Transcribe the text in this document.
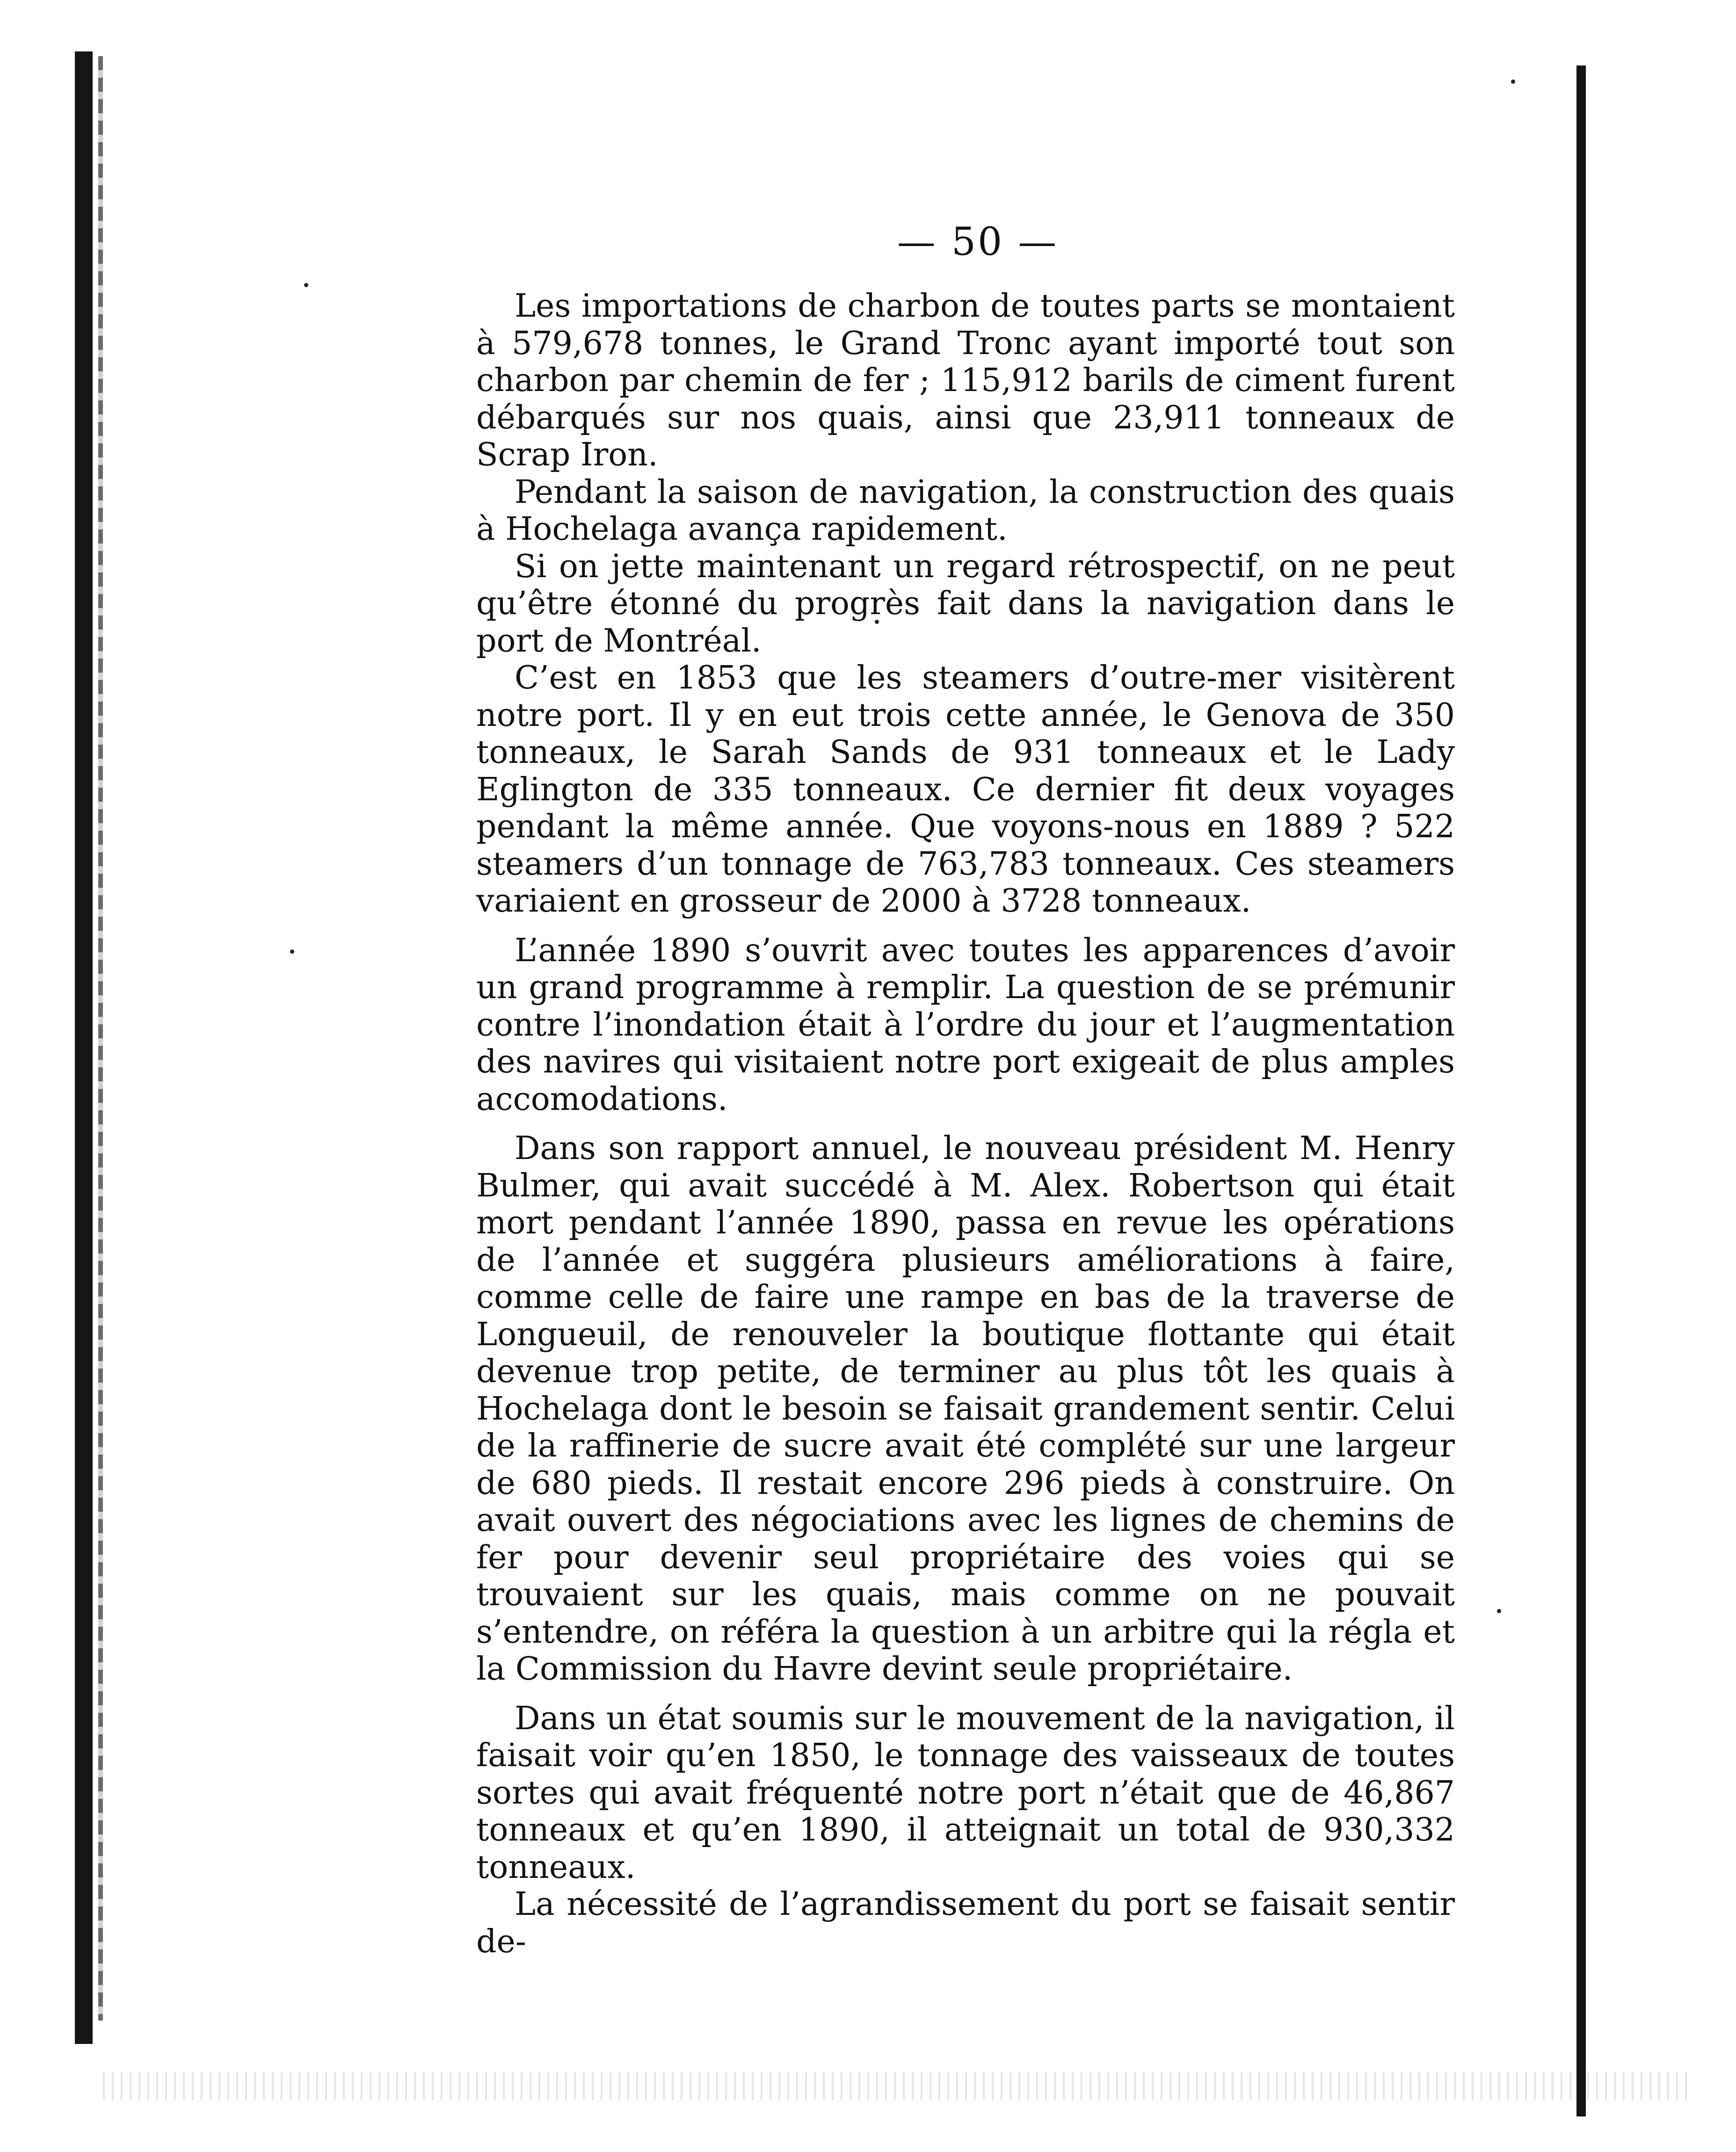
— 50 —

Les importations de charbon de toutes parts se montaient à 579,678 tonnes, le Grand Tronc ayant importé tout son charbon par chemin de fer ; 115,912 barils de ciment furent débarqués sur nos quais, ainsi que 23,911 tonneaux de Scrap Iron.

Pendant la saison de navigation, la construction des quais à Hochelaga avança rapidement.

Si on jette maintenant un regard rétrospectif, on ne peut qu’être étonné du progrès fait dans la navigation dans le port de Montréal.

C’est en 1853 que les steamers d’outre-mer visitèrent notre port. Il y en eut trois cette année, le Genova de 350 tonneaux, le Sarah Sands de 931 tonneaux et le Lady Eglington de 335 tonneaux. Ce dernier fit deux voyages pendant la même année. Que voyons-nous en 1889 ? 522 steamers d’un tonnage de 763,783 tonneaux. Ces steamers variaient en grosseur de 2000 à 3728 tonneaux.

L’année 1890 s’ouvrit avec toutes les apparences d’avoir un grand programme à remplir. La question de se prémunir contre l’inondation était à l’ordre du jour et l’augmentation des navires qui visitaient notre port exigeait de plus amples accomodations.

Dans son rapport annuel, le nouveau président M. Henry Bulmer, qui avait succédé à M. Alex. Robertson qui était mort pendant l’année 1890, passa en revue les opérations de l’année et suggéra plusieurs améliorations à faire, comme celle de faire une rampe en bas de la traverse de Longueuil, de renouveler la boutique flottante qui était devenue trop petite, de terminer au plus tôt les quais à Hochelaga dont le besoin se faisait grandement sentir. Celui de la raffinerie de sucre avait été complété sur une largeur de 680 pieds. Il restait encore 296 pieds à construire. On avait ouvert des négociations avec les lignes de chemins de fer pour devenir seul propriétaire des voies qui se trouvaient sur les quais, mais comme on ne pouvait s’entendre, on référa la question à un arbitre qui la régla et la Commission du Havre devint seule propriétaire.

Dans un état soumis sur le mouvement de la navigation, il faisait voir qu’en 1850, le tonnage des vaisseaux de toutes sortes qui avait fréquenté notre port n’était que de 46,867 tonneaux et qu’en 1890, il atteignait un total de 930,332 tonneaux.

La nécessité de l’agrandissement du port se faisait sentir de-
